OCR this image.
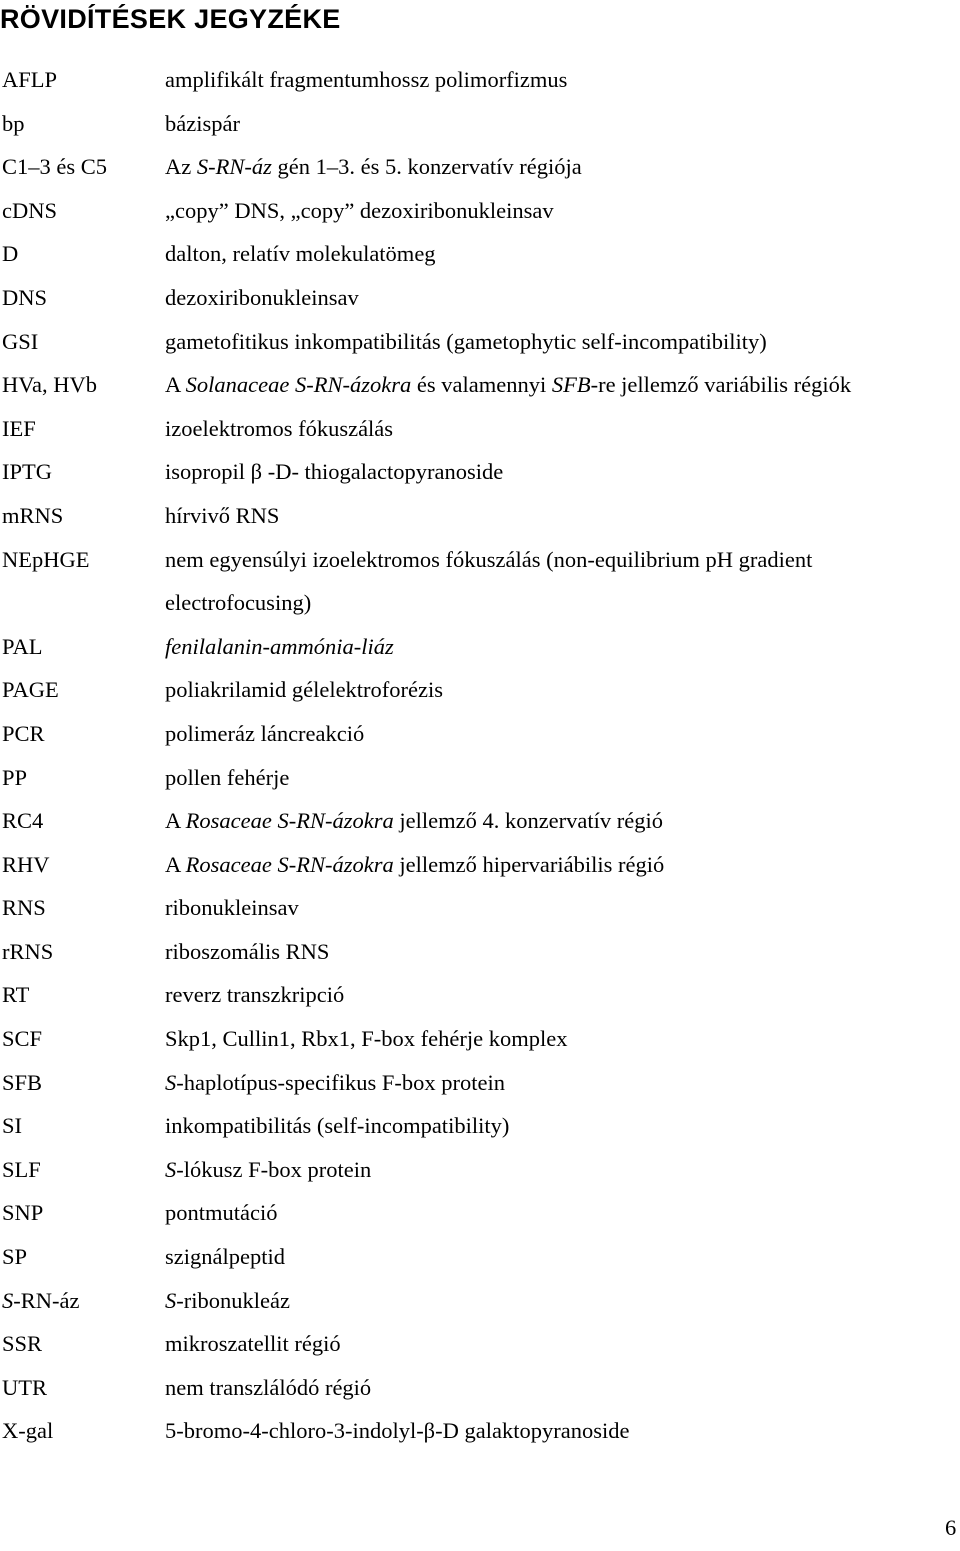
RÖVIDÍTÉSEK JEGYZÉKE
AFLP	amplifikált fragmentumhossz polimorfizmus
bp	bázispár
C1–3 és C5	Az S-RN-áz gén 1–3. és 5. konzervatív régiója
cDNS	„copy” DNS, „copy” dezoxiribonukleinsav
D	dalton, relatív molekulatömeg
DNS	dezoxiribonukleinsav
GSI	gametofitikus inkompatibilitás (gametophytic self-incompatibility)
HVa, HVb	A Solanaceae S-RN-ázokra és valamennyi SFB-re jellemző variábilis régiók
IEF	izoelektromos fókuszálás
IPTG	isopropil β -D- thiogalactopyranoside
mRNS	hírvivő RNS
NEpHGE	nem egyensúlyi izoelektromos fókuszálás (non-equilibrium pH gradient electrofocusing)
PAL	fenilalanin-ammónia-liáz
PAGE	poliakrilamid gélelektroforézis
PCR	polimeráz láncreakció
PP	pollen fehérje
RC4	A Rosaceae S-RN-ázokra jellemző 4. konzervatív régió
RHV	A Rosaceae S-RN-ázokra jellemző hipervariábilis régió
RNS	ribonukleinsav
rRNS	riboszomális RNS
RT	reverz transzkripció
SCF	Skp1, Cullin1, Rbx1, F-box fehérje komplex
SFB	S-haplotípus-specifikus F-box protein
SI	inkompatibilitás (self-incompatibility)
SLF	S-lókusz F-box protein
SNP	pontmutáció
SP	szignálpeptid
S-RN-áz	S-ribonukleáz
SSR	mikroszatellit régió
UTR	nem transzlálódó régió
X-gal	5-bromo-4-chloro-3-indolyl-β-D galaktopyranoside
6
